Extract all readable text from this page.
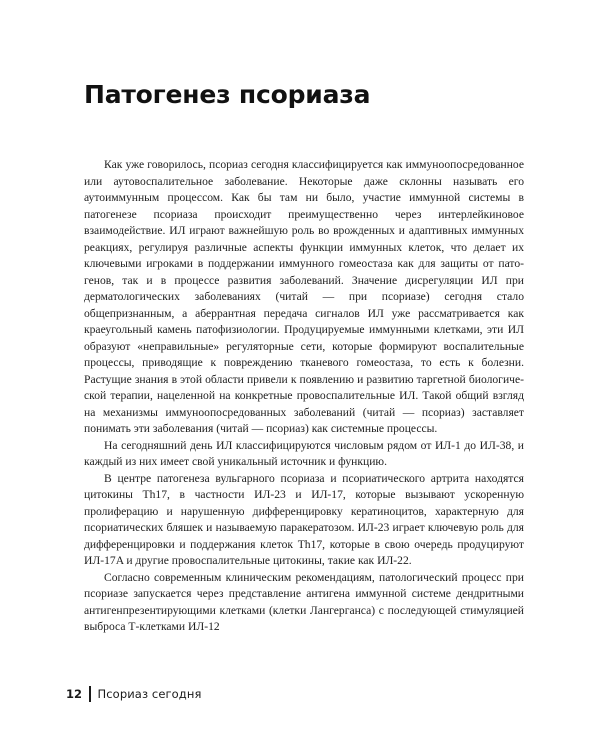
Патогенез псориаза

Как уже говорилось, псориаз сегодня классифицируется как иммуноопосредованное или аутовоспалительное заболевание. Некоторые даже склонны называть его аутоиммунным процессом. Как бы там ни было, участие иммунной системы в патогенезе псориаза происходит преимущественно через интерлейкиновое взаимодействие. ИЛ играют важнейшую роль во врожденных и адаптивных иммунных реакциях, регулируя различные аспекты функции иммунных клеток, что делает их ключевыми игроками в поддержании иммунного гомеостаза как для защиты от патогенов, так и в процессе развития заболеваний. Значение дисрегуляции ИЛ при дерматологических заболеваниях (читай — при псориазе) сегодня стало общепризнанным, а аберрантная передача сигналов ИЛ уже рассматривается как краеугольный камень патофизиологии. Продуцируемые иммунными клетками, эти ИЛ образуют «неправильные» регуляторные сети, которые формируют воспалительные процессы, приводящие к повреждению тканевого гомеостаза, то есть к болезни. Растущие знания в этой области привели к появлению и развитию таргетной биологической терапии, нацеленной на конкретные провоспалительные ИЛ. Такой общий взгляд на механизмы иммуноопосредованных заболеваний (читай — псориаз) заставляет понимать эти заболевания (читай — псориаз) как системные процессы.

На сегодняшний день ИЛ классифицируются числовым рядом от ИЛ-1 до ИЛ-38, и каждый из них имеет свой уникальный источник и функцию.

В центре патогенеза вульгарного псориаза и псориатического артрита находятся цитокины Th17, в частности ИЛ-23 и ИЛ-17, которые вызывают ускоренную пролиферацию и нарушенную дифференцировку кератиноцитов, характерную для псориатических бляшек и называемую паракератозом. ИЛ-23 играет ключевую роль для дифференцировки и поддержания клеток Th17, которые в свою очередь продуцируют ИЛ-17A и другие провоспалительные цитокины, такие как ИЛ-22.

Согласно современным клиническим рекомендациям, патологический процесс при псориазе запускается через представление антигена иммунной системе дендритными антигенпрезентирующими клетками (клетки Лангерганса) с последующей стимуляцией выброса Т-клетками ИЛ-12

12	Псориаз сегодня
